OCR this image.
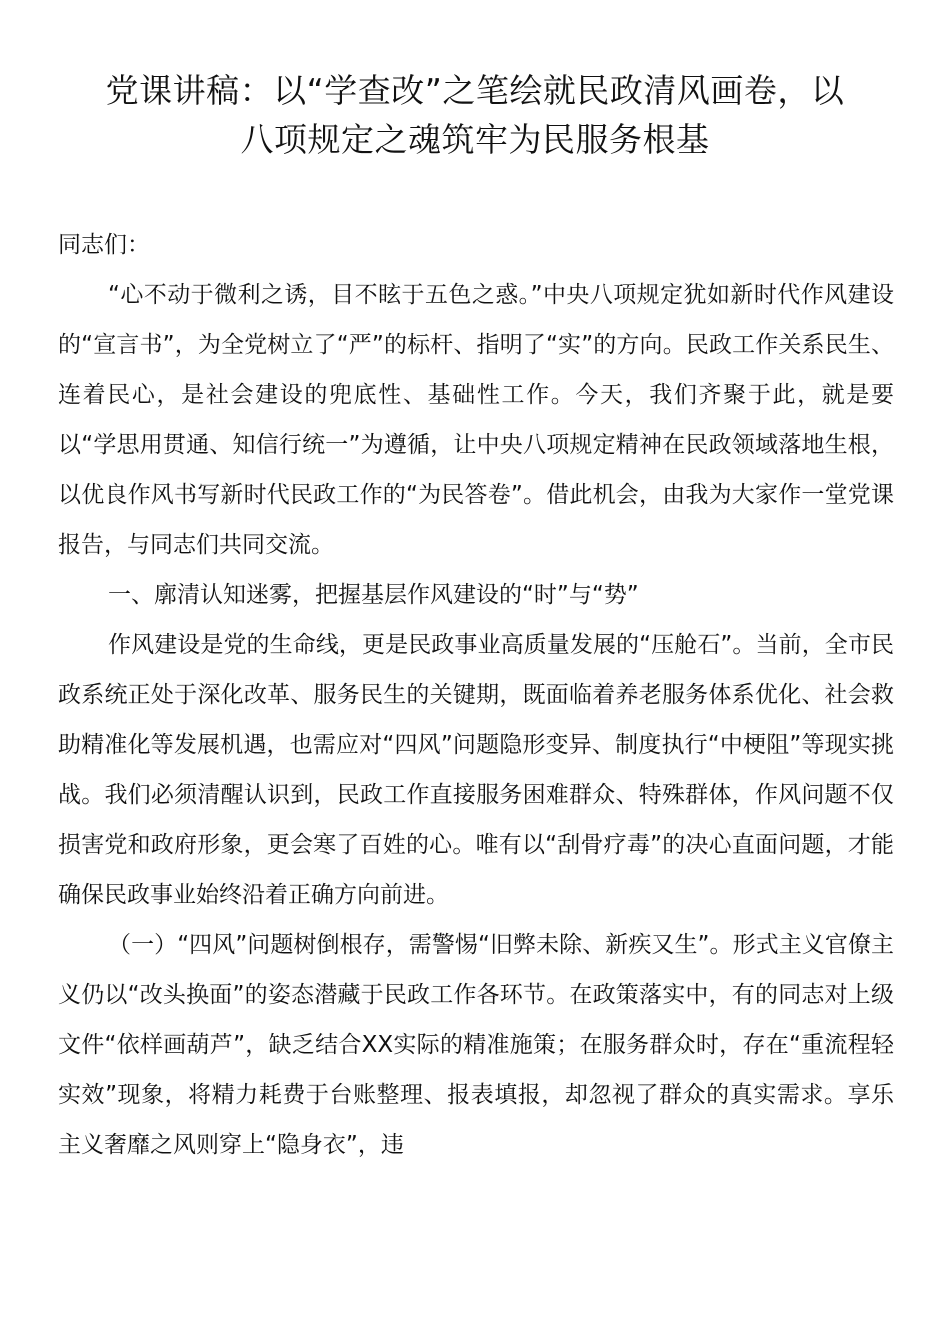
党课讲稿：以“学查改”之笔绘就民政清风画卷，以
八项规定之魂筑牢为民服务根基

同志们：

“心不动于微利之诱，目不眩于五色之惑。”中央八项规定犹如新时代作风建设的“宣言书”，为全党树立了“严”的标杆、指明了“实”的方向。民政工作关系民生、连着民心，是社会建设的兜底性、基础性工作。今天，我们齐聚于此，就是要以“学思用贯通、知信行统一”为遵循，让中央八项规定精神在民政领域落地生根，以优良作风书写新时代民政工作的“为民答卷”。借此机会，由我为大家作一堂党课报告，与同志们共同交流。

一、廓清认知迷雾，把握基层作风建设的“时”与“势”

作风建设是党的生命线，更是民政事业高质量发展的“压舱石”。当前，全市民政系统正处于深化改革、服务民生的关键期，既面临着养老服务体系优化、社会救助精准化等发展机遇，也需应对“四风”问题隐形变异、制度执行“中梗阻”等现实挑战。我们必须清醒认识到，民政工作直接服务困难群众、特殊群体，作风问题不仅损害党和政府形象，更会寒了百姓的心。唯有以“刮骨疗毒”的决心直面问题，才能确保民政事业始终沿着正确方向前进。

（一）“四风”问题树倒根存，需警惕“旧弊未除、新疾又生”。形式主义官僚主义仍以“改头换面”的姿态潜藏于民政工作各环节。在政策落实中，有的同志对上级文件“依样画葫芦”，缺乏结合XX实际的精准施策；在服务群众时，存在“重流程轻实效”现象，将精力耗费于台账整理、报表填报，却忽视了群众的真实需求。享乐主义奢靡之风则穿上“隐身衣”，违
